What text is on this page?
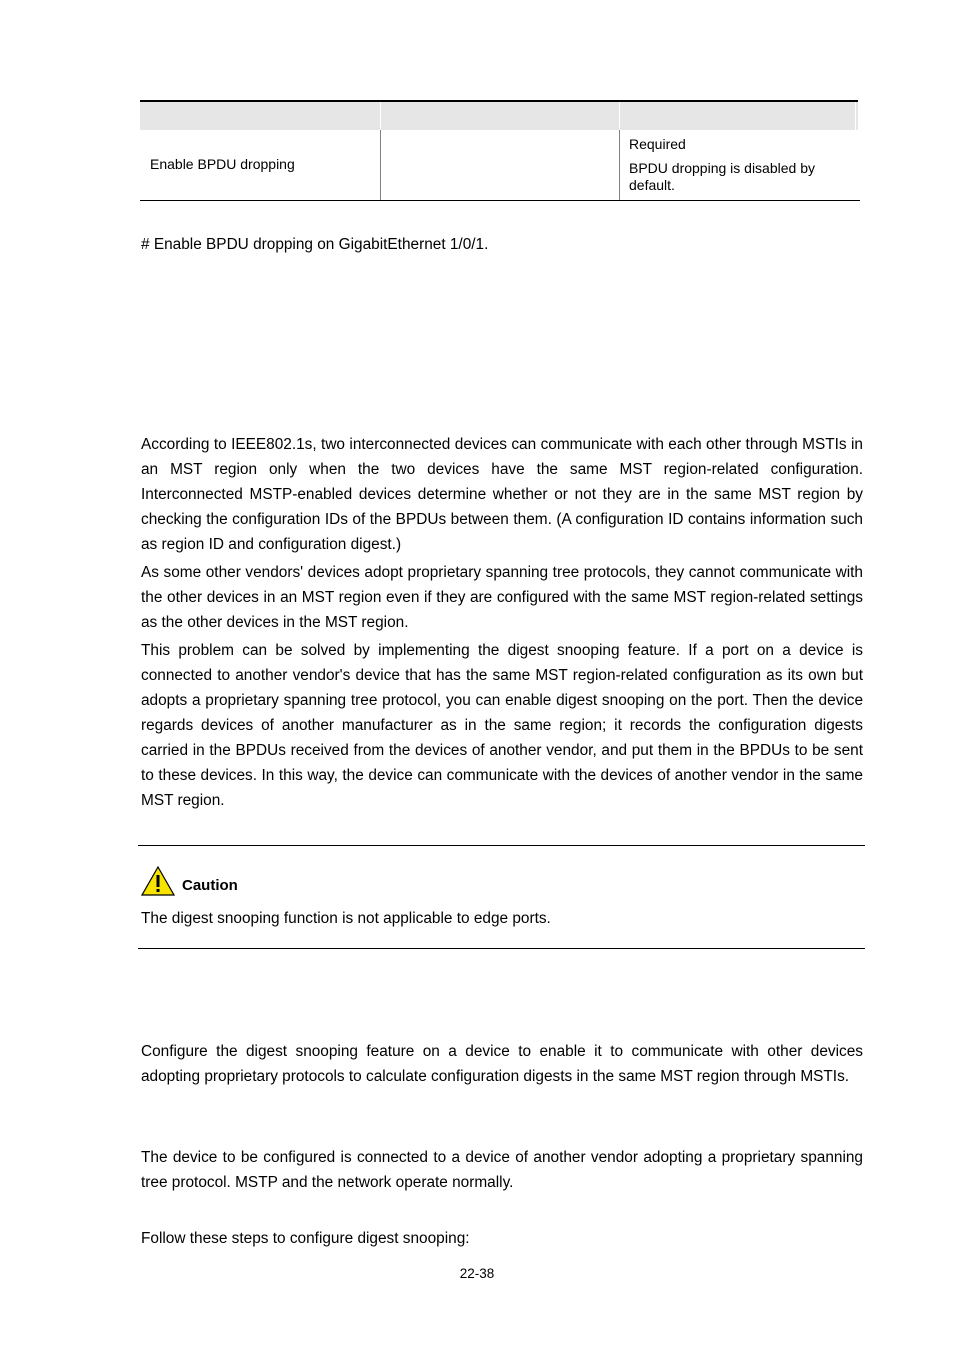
Enable BPDU dropping
Required
BPDU dropping is disabled by default.
# Enable BPDU dropping on GigabitEthernet 1/0/1.
According to IEEE802.1s, two interconnected devices can communicate with each other through MSTIs in an MST region only when the two devices have the same MST region-related configuration. Interconnected MSTP-enabled devices determine whether or not they are in the same MST region by checking the configuration IDs of the BPDUs between them. (A configuration ID contains information such as region ID and configuration digest.)
As some other vendors' devices adopt proprietary spanning tree protocols, they cannot communicate with the other devices in an MST region even if they are configured with the same MST region-related settings as the other devices in the MST region.
This problem can be solved by implementing the digest snooping feature. If a port on a device is connected to another vendor's device that has the same MST region-related configuration as its own but adopts a proprietary spanning tree protocol, you can enable digest snooping on the port. Then the device regards devices of another manufacturer as in the same region; it records the configuration digests carried in the BPDUs received from the devices of another vendor, and put them in the BPDUs to be sent to these devices. In this way, the device can communicate with the devices of another vendor in the same MST region.
Caution
The digest snooping function is not applicable to edge ports.
Configure the digest snooping feature on a device to enable it to communicate with other devices adopting proprietary protocols to calculate configuration digests in the same MST region through MSTIs.
The device to be configured is connected to a device of another vendor adopting a proprietary spanning tree protocol. MSTP and the network operate normally.
Follow these steps to configure digest snooping:
22-38
